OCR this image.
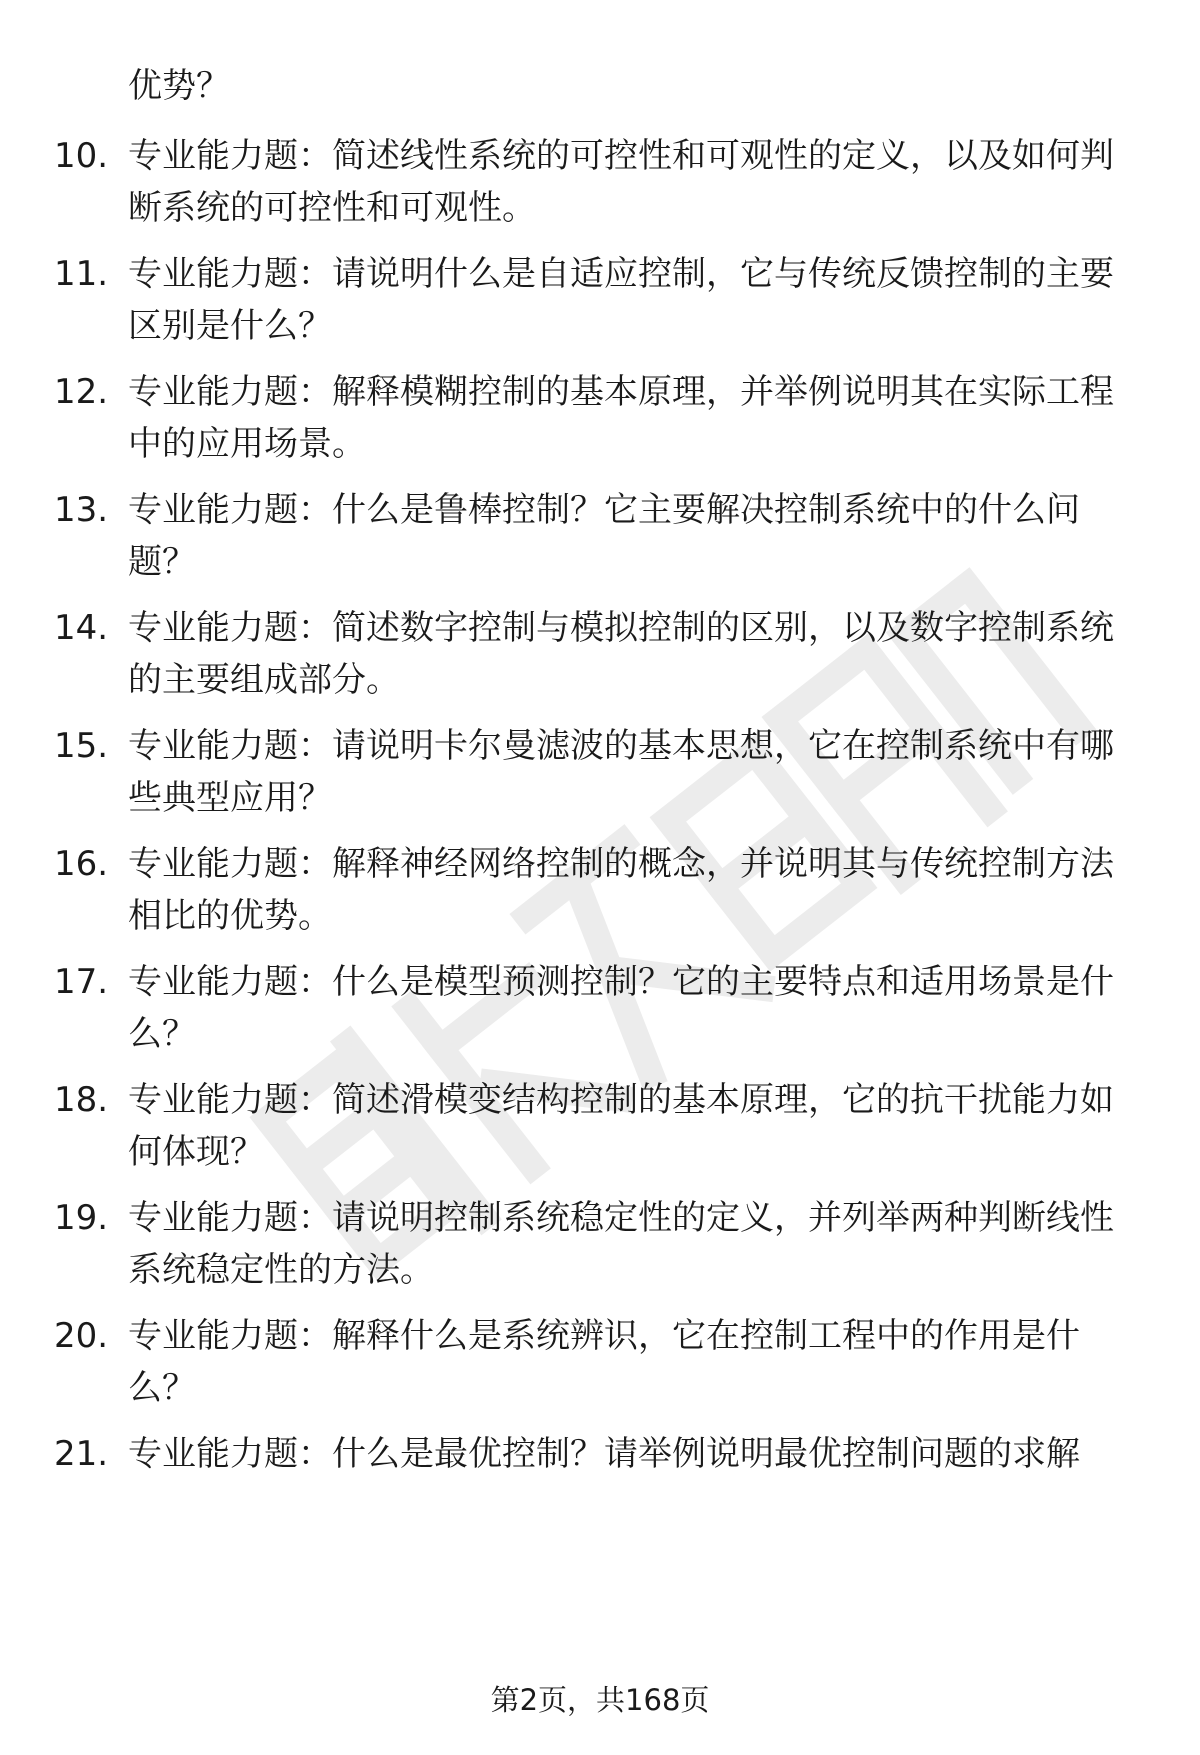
优势？
10. 专业能力题：简述线性系统的可控性和可观性的定义，以及如何判断系统的可控性和可观性。
11. 专业能力题：请说明什么是自适应控制，它与传统反馈控制的主要区别是什么？
12. 专业能力题：解释模糊控制的基本原理，并举例说明其在实际工程中的应用场景。
13. 专业能力题：什么是鲁棒控制？它主要解决控制系统中的什么问题？
14. 专业能力题：简述数字控制与模拟控制的区别，以及数字控制系统的主要组成部分。
15. 专业能力题：请说明卡尔曼滤波的基本思想，它在控制系统中有哪些典型应用？
16. 专业能力题：解释神经网络控制的概念，并说明其与传统控制方法相比的优势。
17. 专业能力题：什么是模型预测控制？它的主要特点和适用场景是什么？
18. 专业能力题：简述滑模变结构控制的基本原理，它的抗干扰能力如何体现？
19. 专业能力题：请说明控制系统稳定性的定义，并列举两种判断线性系统稳定性的方法。
20. 专业能力题：解释什么是系统辨识，它在控制工程中的作用是什么？
21. 专业能力题：什么是最优控制？请举例说明最优控制问题的求解
第2页，共168页
